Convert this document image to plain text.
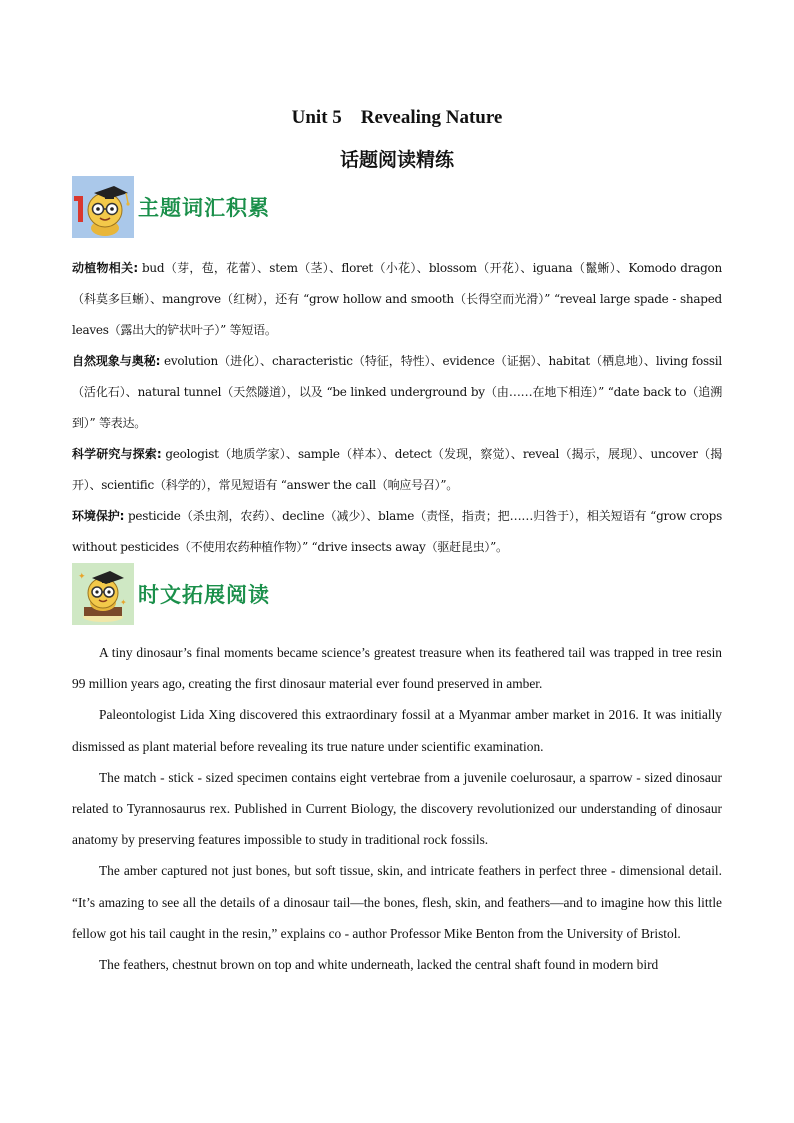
Unit 5　Revealing Nature
话题阅读精练
主题词汇积累

动植物相关: bud（芽，苞，花蕾）、stem（茎）、floret（小花）、blossom（开花）、iguana（鬣蜥）、Komodo dragon（科莫多巨蜥）、mangrove（红树），还有 “grow hollow and smooth（长得空而光滑）” “reveal large spade - shaped leaves（露出大的铲状叶子）” 等短语。

自然现象与奥秘: evolution（进化）、characteristic（特征，特性）、evidence（证据）、habitat（栖息地）、living fossil（活化石）、natural tunnel（天然隧道），以及 “be linked underground by（由……在地下相连）” “date back to（追溯到）” 等表达。

科学研究与探索: geologist（地质学家）、sample（样本）、detect（发现，察觉）、reveal（揭示，展现）、uncover（揭开）、scientific（科学的），常见短语有 “answer the call（响应号召）”。

环境保护: pesticide（杀虫剂，农药）、decline（减少）、blame（责怪，指责；把……归咎于），相关短语有 “grow crops without pesticides（不使用农药种植作物）” “drive insects away（驱赶昆虫）”。

✦
✦ 时文拓展阅读

A tiny dinosaur’s final moments became science’s greatest treasure when its feathered tail was trapped in tree resin 99 million years ago, creating the first dinosaur material ever found preserved in amber.

Paleontologist Lida Xing discovered this extraordinary fossil at a Myanmar amber market in 2016. It was initially dismissed as plant material before revealing its true nature under scientific examination.

The match - stick - sized specimen contains eight vertebrae from a juvenile coelurosaur, a sparrow - sized dinosaur related to Tyrannosaurus rex. Published in Current Biology, the discovery revolutionized our understanding of dinosaur anatomy by preserving features impossible to study in traditional rock fossils.

The amber captured not just bones, but soft tissue, skin, and intricate feathers in perfect three - dimensional detail. “It’s amazing to see all the details of a dinosaur tail—the bones, flesh, skin, and feathers—and to imagine how this little fellow got his tail caught in the resin,” explains co - author Professor Mike Benton from the University of Bristol.

The feathers, chestnut brown on top and white underneath, lacked the central shaft found in modern bird
